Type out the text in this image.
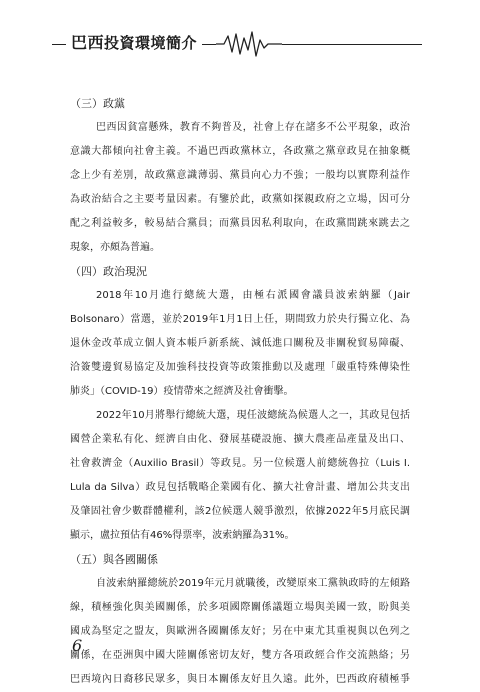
巴西投資環境簡介
（三）政黨

巴西因貧富懸殊，教育不夠普及，社會上存在諸多不公平現象，政治
意識大都傾向社會主義。不過巴西政黨林立，各政黨之黨章政見在抽象概
念上少有差別，故政黨意識薄弱、黨員向心力不強；一般均以實際利益作
為政治結合之主要考量因素。有鑒於此，政黨如探親政府之立場，因可分
配之利益較多，較易結合黨員；而黨員因私利取向，在政黨間跳來跳去之
現象，亦頗為普遍。

（四）政治現況

2018年10月進行總統大選，由極右派國會議員波索納羅（Jair
Bolsonaro）當選，並於2019年1月1日上任，期間致力於央行獨立化、為
退休金改革成立個人資本帳戶新系統、減低進口關稅及非關稅貿易障礙、
洽簽雙邊貿易協定及加強科技投資等政策推動以及處理「嚴重特殊傳染性
肺炎」（COVID-19）疫情帶來之經濟及社會衝擊。

2022年10月將舉行總統大選，現任波總統為候選人之一，其政見包括
國營企業私有化、經濟自由化、發展基礎設施、擴大農產品產量及出口、
社會救濟金（Auxilio Brasil）等政見。另一位候選人前總統魯拉（Luis I.
Lula da Silva）政見包括戰略企業國有化、擴大社會計畫、增加公共支出
及肇固社會少數群體權利，該2位候選人競爭激烈，依據2022年5月底民調
顯示，盧拉預估有46%得票率，波索納羅為31%。

（五）與各國關係

自波索納羅總統於2019年元月就職後，改變原來工黨執政時的左傾路
線，積極強化與美國關係，於多項國際關係議題立場與美國一致，盼與美
國成為堅定之盟友，與歐洲各國關係友好；另在中東尤其重視與以色列之
關係，在亞洲與中國大陸關係密切友好，雙方各項政經合作交流熱絡；另
巴西境內日裔移民眾多，與日本關係友好且久遠。此外，巴西政府積極爭

6
